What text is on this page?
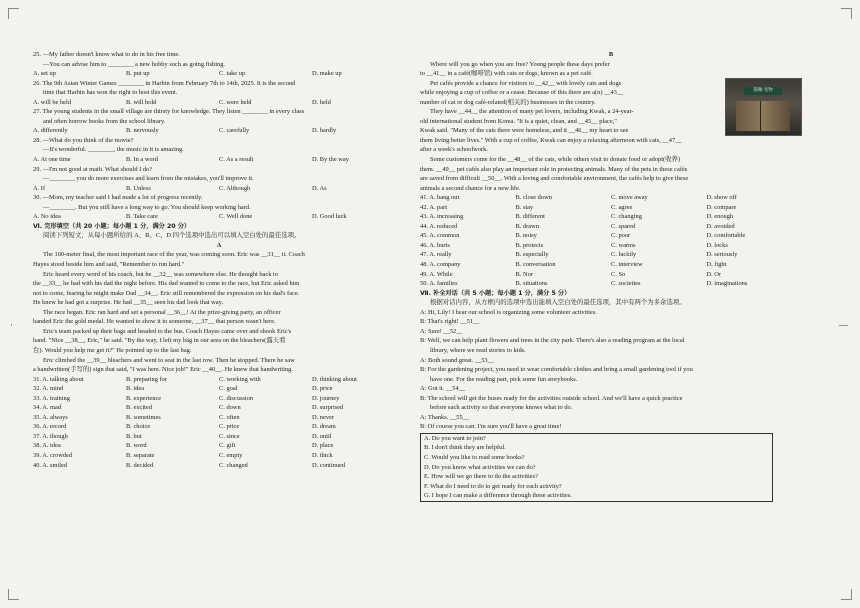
·	—
25. —My father doesn't know what to do in his free time.
—You can advise him to ________ a new hobby such as going fishing.
A. set up	B. put up	C. take up	D. make up
26. The 9th Asian Winter Games ________ in Harbin from February 7th to 14th, 2025. It is the second
time that Harbin has won the right to host this event.
A. will be held	B. will hold	C. were held	D. held
27. The young students in the small village are thirsty for knowledge. They listen ________ in every class
and often borrow books from the school library.
A. differently	B. nervously	C. carefully	D. hardly
28. —What do you think of the movie?
—It's wonderful. ________, the music in it is amazing.
A. At one time	B. In a word	C. As a result	D. By the way
29. —I'm not good at math. What should I do?
—________ you do more exercises and learn from the mistakes, you'll improve it.
A. If	B. Unless	C. Although	D. As
30. —Mom, my teacher said I had made a lot of progress recently.
—________. But you still have a long way to go. You should keep working hard.
A. No idea	B. Take care	C. Well done	D. Good luck
Ⅵ. 完形填空（共 20 小题；每小题 1 分，满分 20 分）
阅读下列短文，从每小题所给的 A、B、C、D 四个选项中选出可以填入空白处的最佳选项。
A
The 100-meter final, the most important race of the year, was coming soon. Eric was __31__ it. Coach
Hayes stood beside him and said, "Remember to run hard."
Eric heard every word of his coach, but he __32__ was somewhere else. He thought back to
the __33__ he had with his dad the night before. His dad wanted to come to the race, but Eric asked him
not to come, fearing he might make Dad __34__. Eric still remembered the expression on his dad's face.
He knew he had got a surprise. He had __35__ seen his dad look that way.
The race began. Eric ran hard and set a personal __36__! At the prize-giving party, an officer
handed Eric the gold medal. He wanted to show it to someone, __37__ that person wasn't here.
Eric's team packed up their bags and headed to the bus. Coach Hayes came over and shook Eric's
hand. "Nice __38__, Eric," he said. "By the way, I left my bag in our area on the bleachers(露天看
台). Would you help me get it?" He pointed up to the last bag.
Eric climbed the __39__ bleachers and went to seat in the last row. Then he stopped. There he saw
a handwritten(手写的) sign that said, "I was here. Nice job!" Eric __40__. He knew that handwriting.
31. A. talking about	B. preparing for	C. working with	D. thinking about
32. A. mind	B. idea	C. goal	D. price
33. A. training	B. experience	C. discussion	D. journey
34. A. mad	B. excited	C. down	D. surprised
35. A. always	B. sometimes	C. often	D. never
36. A. record	B. choice	C. price	D. dream
37. A. though	B. but	C. since	D. until
38. A. idea	B. word	C. gift	D. place
39. A. crowded	B. separate	C. empty	D. thick
40. A. smiled	B. decided	C. changed	D. continued
猫咖·宠物
B
Where will you go when you are free? Young people these days prefer
to __41__ in a café(咖啡馆) with cats or dogs, known as a pet café.
Pet cafés provide a chance for visitors to __42__ with lovely cats and dogs
while enjoying a cup of coffee or a cease. Because of this there are a(n) __43__
number of cat or dog café-related(相关的) businesses in the country.
They have __44__ the attention of many pet lovers, including Kwak, a 24-year-
old international student from Korea. "It is a quiet, clean, and __45__ place,"
Kwak said. "Many of the cats there were homeless, and it __46__ my heart to see
them living better lives." With a cup of coffee, Kwak can enjoy a relaxing afternoon with cats, __47__
after a week's schoolwork.
Some customers come for the __48__ of the cats, while others visit to donate food or adopt(收养)
them. __49__ pet cafés also play an important role in protecting animals. Many of the pets in these cafés
are saved from difficult __50__. With a loving and comfortable environment, the cafés help to give these
animals a second chance for a new life.
41. A. hang out	B. close down	C. move away	D. show off
42. A. part	B. stay	C. agree	D. compare
43. A. increasing	B. different	C. changing	D. enough
44. A. reduced	B. drawn	C. spared	D. avoided
45. A. common	B. noisy	C. poor	D. comfortable
46. A. hurts	B. protects	C. warms	D. locks
47. A. really	B. especially	C. luckily	D. seriously
48. A. company	B. conversation	C. interview	D. fight
49. A. While	B. Nor	C. So	D. Or
50. A. families	B. situations	C. societies	D. imaginations
Ⅶ. 补全对话（共 5 小题；每小题 1 分，满分 5 分）
根据对话内容，从方框内的选项中选出能填入空白处的最佳选项，其中有两个为多余选项。
A: Hi, Lily! I hear our school is organizing some volunteer activities.
B: That's right! __51__
A: Sure! __52__
B: Well, we can help plant flowers and trees in the city park. There's also a reading program at the local
library, where we read stories to kids.
A: Both sound great. __53__
B: For the gardening project, you need to wear comfortable clothes and bring a small gardening tool if you
have one. For the reading part, pick some fun storybooks.
A: Got it. __54__
B: The school will get the buses ready for the activities outside school. And we'll have a quick practice
before each activity so that everyone knows what to do.
A: Thanks. __55__
B: Of course you can. I'm sure you'll have a great time!
A. Do you want to join?
B. I don't think they are helpful.
C. Would you like to read some books?
D. Do you know what activities we can do?
E. How will we go there to do the activities?
F. What do I need to do to get ready for each activity?
G. I hope I can make a difference through these activities.
